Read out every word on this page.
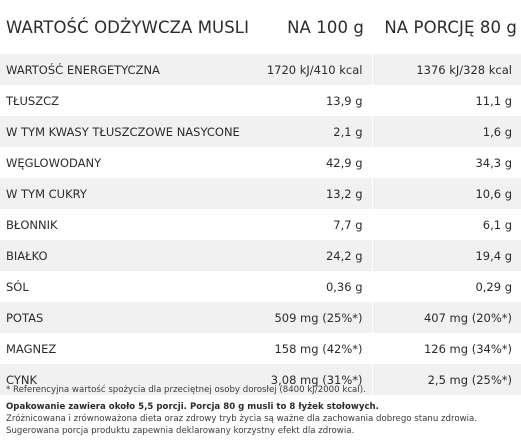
WARTOŚĆ ODŻYWCZA MUSLI	NA 100 g	NA PORCJĘ 80 g
WARTOŚĆ ENERGETYCZNA	1720 kJ/410 kcal	1376 kJ/328 kcal
TŁUSZCZ	13,9 g	11,1 g
W TYM KWASY TŁUSZCZOWE NASYCONE	2,1 g	1,6 g
WĘGLOWODANY	42,9 g	34,3 g
W TYM CUKRY	13,2 g	10,6 g
BŁONNIK	7,7 g	6,1 g
BIAŁKO	24,2 g	19,4 g
SÓL	0,36 g	0,29 g
POTAS	509 mg (25%*)	407 mg (20%*)
MAGNEZ	158 mg (42%*)	126 mg (34%*)
CYNK	3,08 mg (31%*)	2,5 mg (25%*)
* Referencyjna wartość spożycia dla przeciętnej osoby dorosłej (8400 kJ/2000 kcal).
Opakowanie zawiera około 5,5 porcji. Porcja 80 g musli to 8 łyżek stołowych.
Zróżnicowana i zrównoważona dieta oraz zdrowy tryb życia są ważne dla zachowania dobrego stanu zdrowia.
Sugerowana porcja produktu zapewnia deklarowany korzystny efekt dla zdrowia.
